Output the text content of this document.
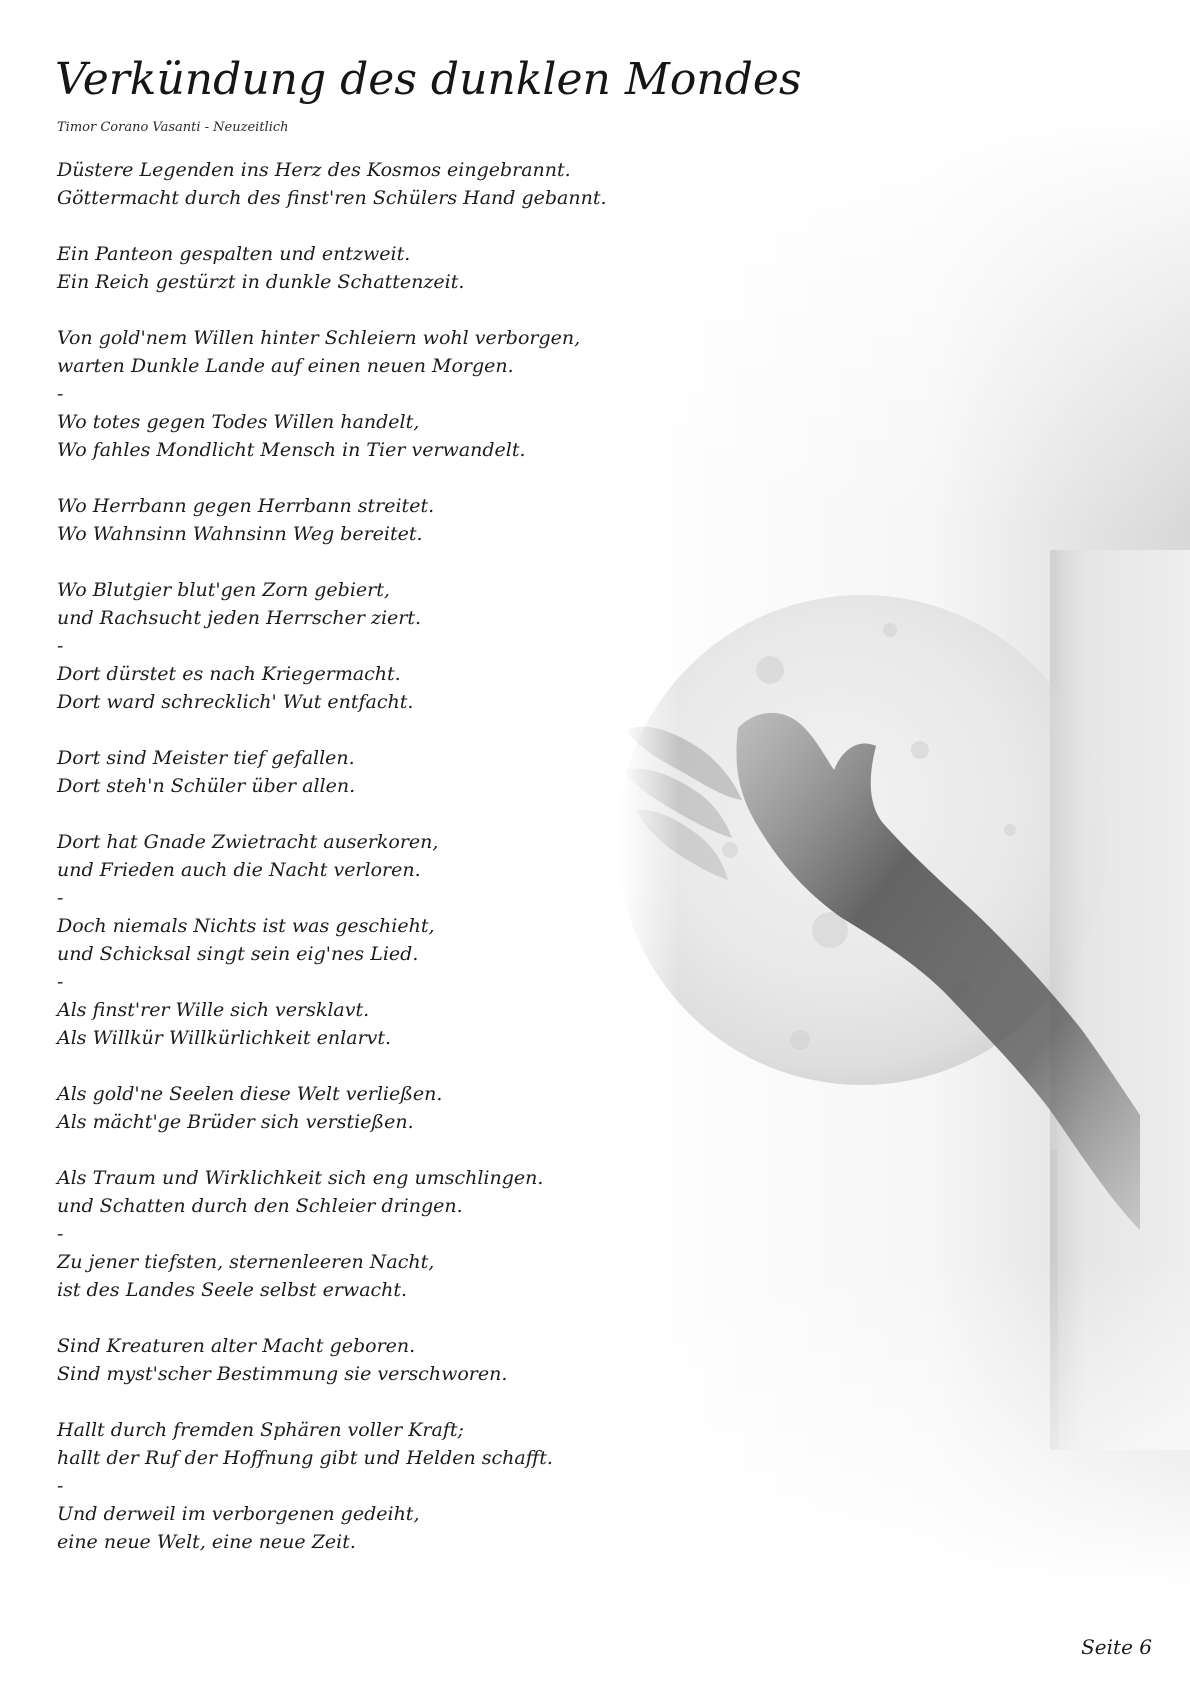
Verkündung des dunklen Mondes
Timor Corano Vasanti - Neuzeitlich
Düstere Legenden ins Herz des Kosmos eingebrannt.
Göttermacht durch des finst'ren Schülers Hand gebannt.
Ein Panteon gespalten und entzweit.
Ein Reich gestürzt in dunkle Schattenzeit.
Von gold'nem Willen hinter Schleiern wohl verborgen,
warten Dunkle Lande auf einen neuen Morgen.
-
Wo totes gegen Todes Willen handelt,
Wo fahles Mondlicht Mensch in Tier verwandelt.
Wo Herrbann gegen Herrbann streitet.
Wo Wahnsinn Wahnsinn Weg bereitet.
Wo Blutgier blut'gen Zorn gebiert,
und Rachsucht jeden Herrscher ziert.
-
Dort dürstet es nach Kriegermacht.
Dort ward schrecklich' Wut entfacht.
Dort sind Meister tief gefallen.
Dort steh'n Schüler über allen.
Dort hat Gnade Zwietracht auserkoren,
und Frieden auch die Nacht verloren.
-
Doch niemals Nichts ist was geschieht,
und Schicksal singt sein eig'nes Lied.
-
Als finst'rer Wille sich versklavt.
Als Willkür Willkürlichkeit enlarvt.
Als gold'ne Seelen diese Welt verließen.
Als mächt'ge Brüder sich verstießen.
Als Traum und Wirklichkeit sich eng umschlingen.
und Schatten durch den Schleier dringen.
-
Zu jener tiefsten, sternenleeren Nacht,
ist des Landes Seele selbst erwacht.
Sind Kreaturen alter Macht geboren.
Sind myst'scher Bestimmung sie verschworen.
Hallt durch fremden Sphären voller Kraft;
hallt der Ruf der Hoffnung gibt und Helden schafft.
-
Und derweil im verborgenen gedeiht,
eine neue Welt, eine neue Zeit.
Seite 6
